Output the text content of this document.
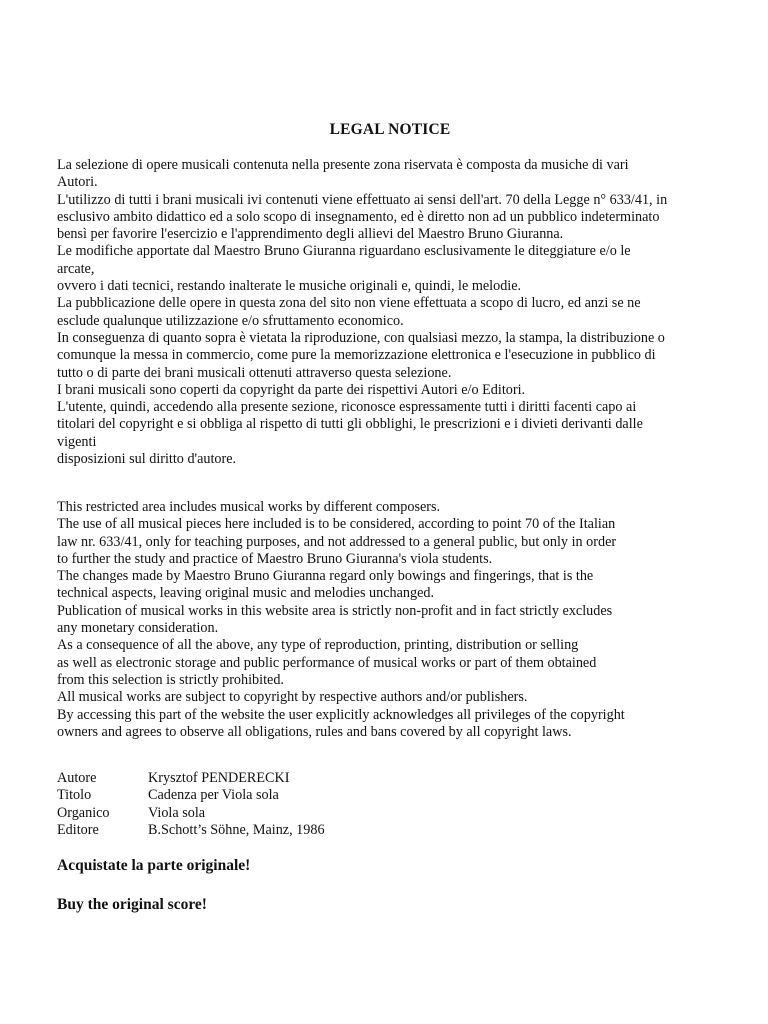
LEGAL NOTICE
La selezione di opere musicali contenuta nella presente zona riservata è composta da musiche di vari
Autori.
L'utilizzo di tutti i brani musicali ivi contenuti viene effettuato ai sensi dell'art. 70 della Legge n° 633/41, in
esclusivo ambito didattico ed a solo scopo di insegnamento, ed è diretto non ad un pubblico indeterminato
bensì per favorire l'esercizio e l'apprendimento degli allievi del Maestro Bruno Giuranna.
Le modifiche apportate dal Maestro Bruno Giuranna riguardano esclusivamente le diteggiature e/o le
arcate,
ovvero i dati tecnici, restando inalterate le musiche originali e, quindi, le melodie.
La pubblicazione delle opere in questa zona del sito non viene effettuata a scopo di lucro, ed anzi se ne
esclude qualunque utilizzazione e/o sfruttamento economico.
In conseguenza di quanto sopra è vietata la riproduzione, con qualsiasi mezzo, la stampa, la distribuzione o
comunque la messa in commercio, come pure la memorizzazione elettronica e l'esecuzione in pubblico di
tutto o di parte dei brani musicali ottenuti attraverso questa selezione.
I brani musicali sono coperti da copyright da parte dei rispettivi Autori e/o Editori.
L'utente, quindi, accedendo alla presente sezione, riconosce espressamente tutti i diritti facenti capo ai
titolari del copyright e si obbliga al rispetto di tutti gli obblighi, le prescrizioni e i divieti derivanti dalle
vigenti
disposizioni sul diritto d'autore.
This restricted area includes musical works by different composers.
The use of all musical pieces here included is to be considered, according to point 70 of the Italian
law nr. 633/41, only for teaching purposes, and not addressed to a general public, but only in order
to further the study and practice of Maestro Bruno Giuranna's viola students.
The changes made by Maestro Bruno Giuranna regard only bowings and fingerings, that is the
technical aspects, leaving original music and melodies unchanged.
Publication of musical works in this website area is strictly non-profit and in fact strictly excludes
any monetary consideration.
As a consequence of all the above, any type of reproduction, printing, distribution or selling
as well as electronic storage and public performance of musical works or part of them obtained
from this selection is strictly prohibited.
All musical works are subject to copyright by respective authors and/or publishers.
By accessing this part of the website the user explicitly acknowledges all privileges of the copyright
owners and agrees to observe all obligations, rules and bans covered by all copyright laws.
Autore	Krysztof PENDERECKI
Titolo	Cadenza per Viola sola
Organico	Viola sola
Editore	B.Schott’s Söhne, Mainz, 1986

Acquistate la parte originale!

Buy the original score!
